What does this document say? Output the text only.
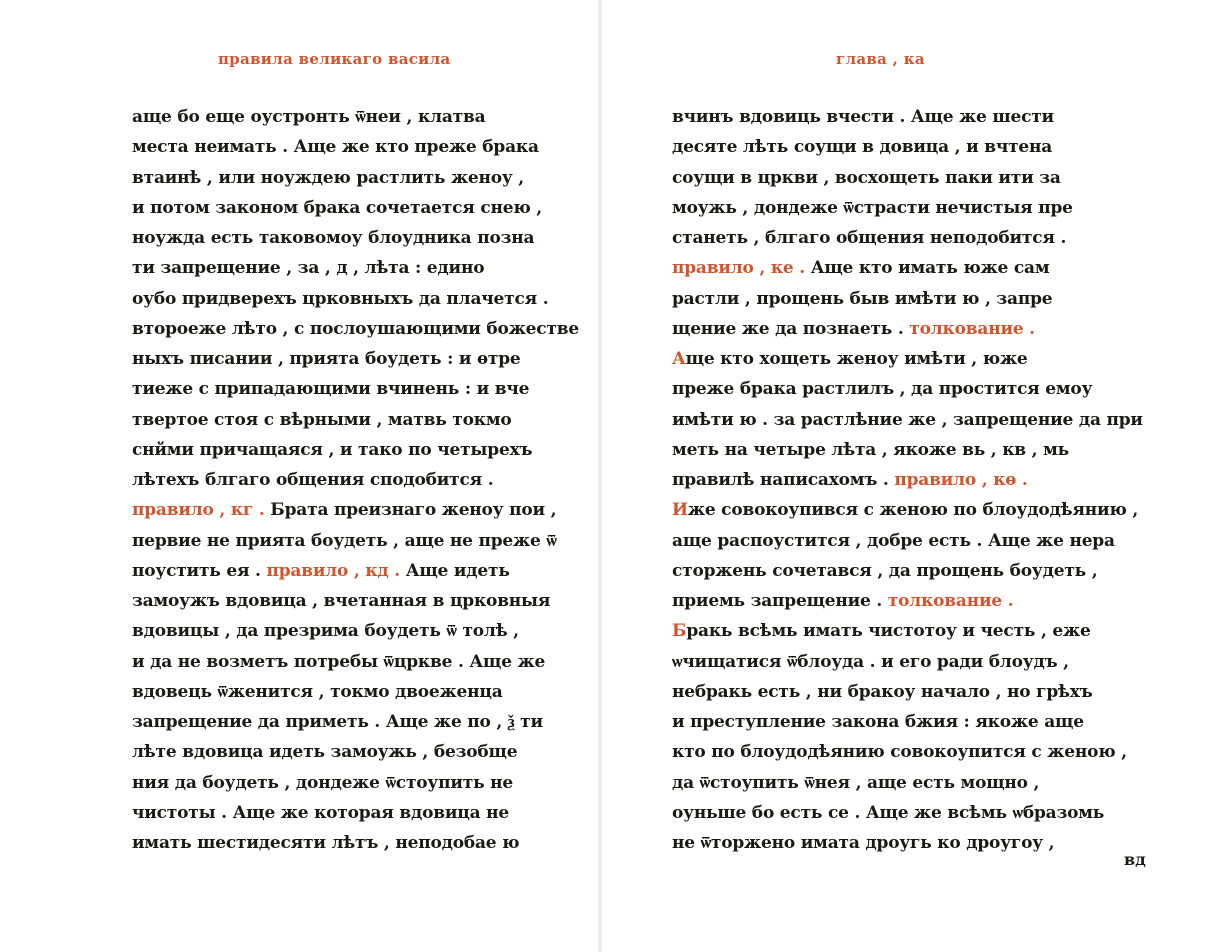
правила великаго васила
аще бо еще оустронть ѿнеи , клатва
места неимать . Аще же кто преже брака
втаинѣ , или ноуждею растлить женоу ,
и потом законом брака сочетается снею ,
ноужда есть таковомоу блоудника позна
ти запрещение , за , д , лѣта : едино
оубо придверехъ црковныхъ да плачется .
второеже лѣто , с послоушающими божестве
ныхъ писании , прията боудеть : и ѳтре
тиеже с припадающими вчинень : и вче
твертое стоя с вѣрными , матвь токмо
снйми причащаяся , и тако по четырехъ
лѣтехъ блгаго общения сподобится .
правило , кг . Брата преизнаго женоу пои ,
первие не прията боудеть , аще не преже ѿ
поустить ея . правило , кд . Аще идеть
замоужъ вдовица , вчетанная в црковныя
вдовицы , да презрима боудеть ѿ толѣ ,
и да не возметъ потребы ѿцркве . Аще же
вдовець ѿженится , токмо двоеженца
запрещение да приметь . Аще же по , ѯ ти
лѣте вдовица идеть замоужь , безобще
ния да боудеть , дондеже ѿстоупить не
чистоты . Аще же которая вдовица не
имать шестидесяти лѣтъ , неподобае ю
глава , ка
вчинъ вдовиць вчести . Аще же шести
десяте лѣть соущи в довица , и вчтена
соущи в цркви , восхощеть паки ити за
моужь , дондеже ѿстрасти нечистыя пре
станеть , блгаго общения неподобится .
правило , ке . Аще кто имать юже сам
растли , прощень быв имѣти ю , запре
щение же да познаеть . толкование .
Аще кто хощеть женоу имѣти , юже
преже брака растлилъ , да простится емоу
имѣти ю . за растлѣние же , запрещение да при
меть на четыре лѣта , якоже вь , кв , мь
правилѣ написахомъ . правило , кѳ .
Иже совокоупився с женою по блоудодѣянию ,
аще распоустится , добре есть . Аще же нера
сторжень сочетався , да прощень боудеть ,
приемь запрещение . толкование .
Бракь всѣмь имать чистотоу и честь , еже
ѡчищатися ѿблоуда . и его ради блоудъ ,
небракь есть , ни бракоу начало , но грѣхъ
и преступление закона бжия : якоже аще
кто по блоудодѣянию совокоупится с женою ,
да ѿстоупить ѿнея , аще есть мощно ,
оуньше бо есть се . Аще же всѣмь ѡбразомь
не ѿторжено имата дроугь ко дроугоу ,
вд
